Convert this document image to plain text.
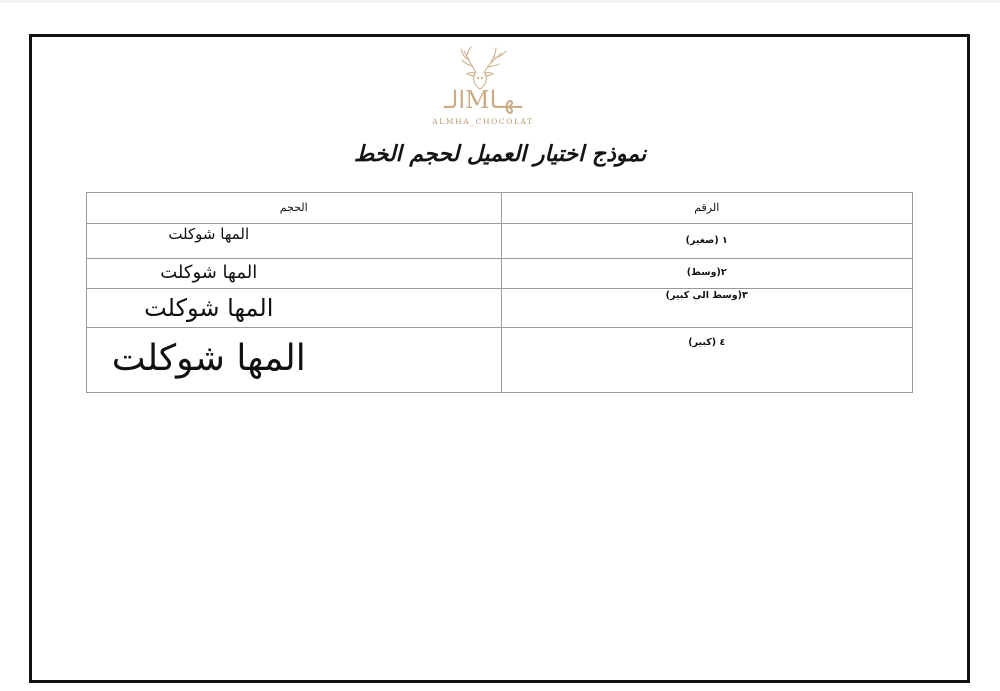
الـMـهـا
ALMHA_CHOCOLAT
نموذج اختيار العميل لحجم الخط
الحجم	الرقم
المها شوكلت	١ (صغير)
المها شوكلت	٢(وسط)
المها شوكلت	٣(وسط الى كبير)
المها شوكلت	٤ (كبير)
